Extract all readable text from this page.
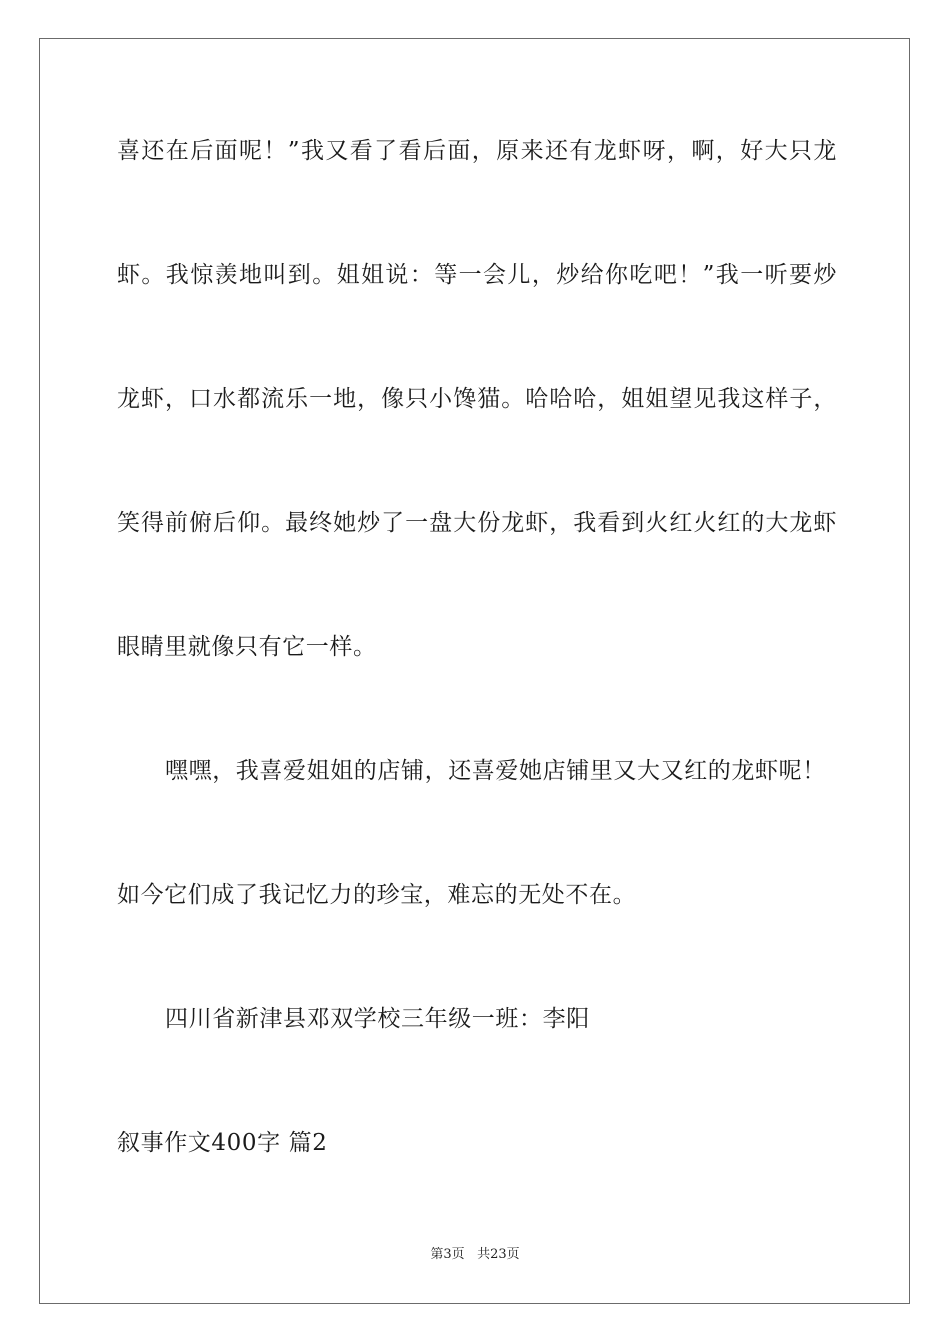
喜还在后面呢！”我又看了看后面，原来还有龙虾呀，啊，好大只龙
虾。我惊羡地叫到。姐姐说：等一会儿，炒给你吃吧！”我一听要炒
龙虾，口水都流乐一地，像只小馋猫。哈哈哈，姐姐望见我这样子，
笑得前俯后仰。最终她炒了一盘大份龙虾，我看到火红火红的大龙虾
眼睛里就像只有它一样。
嘿嘿，我喜爱姐姐的店铺，还喜爱她店铺里又大又红的龙虾呢！
如今它们成了我记忆力的珍宝，难忘的无处不在。
四川省新津县邓双学校三年级一班：李阳
叙事作文400字 篇2
第3页 共23页
